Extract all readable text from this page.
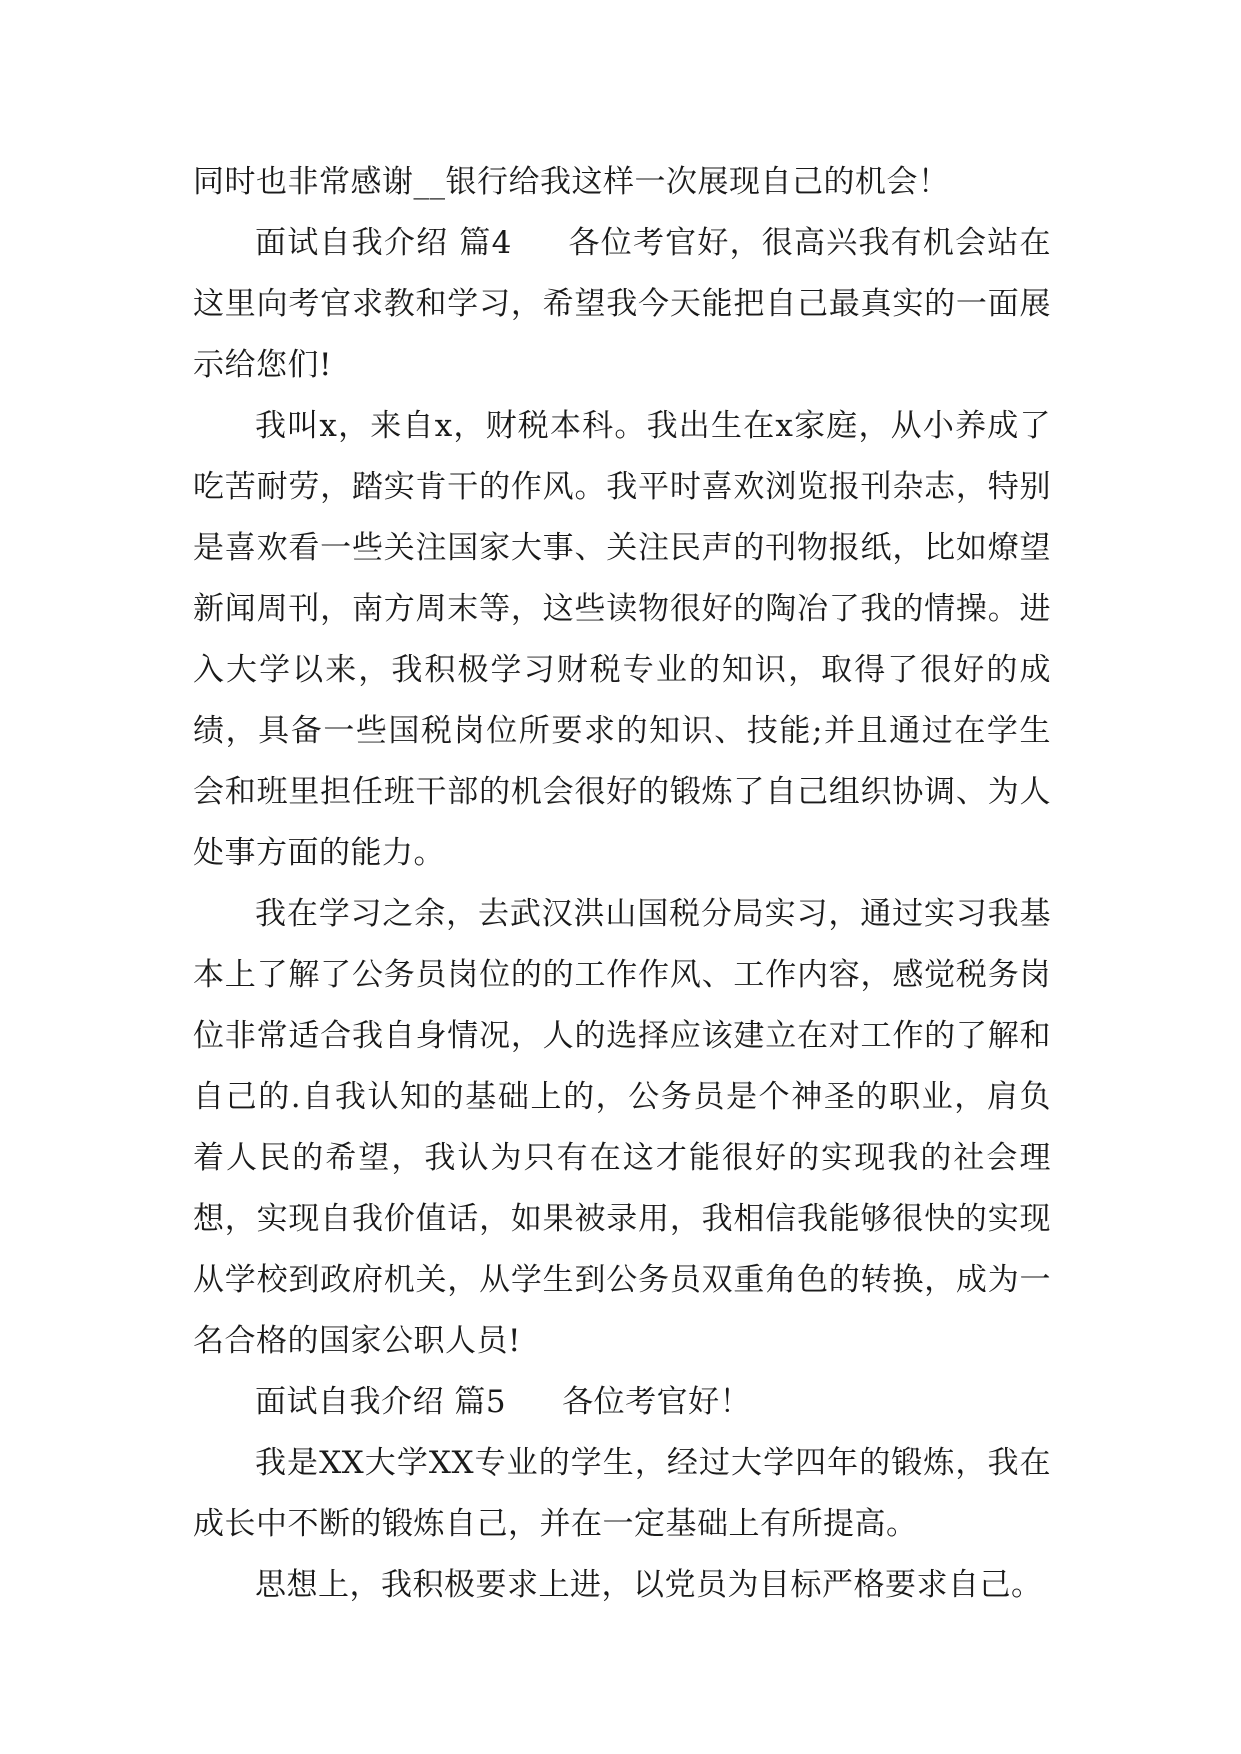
同时也非常感谢__银行给我这样一次展现自己的机会！

面试自我介绍 篇4 各位考官好，很高兴我有机会站在这里向考官求教和学习，希望我今天能把自己最真实的一面展示给您们!

我叫x，来自x，财税本科。我出生在x家庭，从小养成了吃苦耐劳，踏实肯干的作风。我平时喜欢浏览报刊杂志，特别是喜欢看一些关注国家大事、关注民声的刊物报纸，比如燎望新闻周刊，南方周末等，这些读物很好的陶冶了我的情操。进入大学以来，我积极学习财税专业的知识，取得了很好的成绩，具备一些国税岗位所要求的知识、技能;并且通过在学生会和班里担任班干部的机会很好的锻炼了自己组织协调、为人处事方面的能力。

我在学习之余，去武汉洪山国税分局实习，通过实习我基本上了解了公务员岗位的的工作作风、工作内容，感觉税务岗位非常适合我自身情况，人的选择应该建立在对工作的了解和自己的.自我认知的基础上的，公务员是个神圣的职业，肩负着人民的希望，我认为只有在这才能很好的实现我的社会理想，实现自我价值话，如果被录用，我相信我能够很快的实现从学校到政府机关，从学生到公务员双重角色的转换，成为一名合格的国家公职人员!

面试自我介绍 篇5 各位考官好！

我是XX大学XX专业的学生，经过大学四年的锻炼，我在成长中不断的锻炼自己，并在一定基础上有所提高。

思想上，我积极要求上进，以党员为目标严格要求自己。
